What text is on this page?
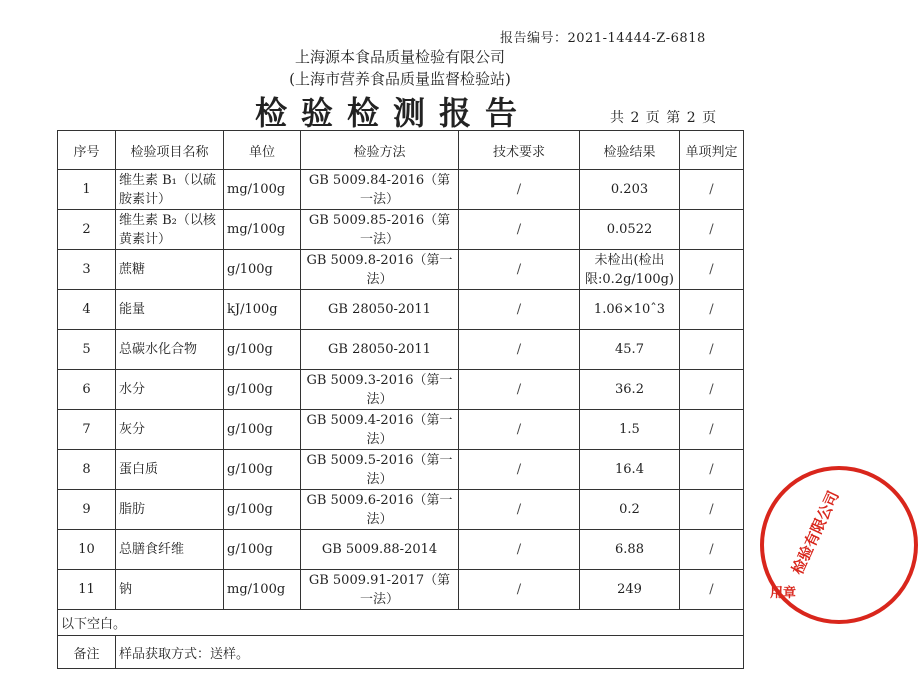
报告编号：2021-14444-Z-6818
上海源本食品质量检验有限公司
(上海市营养食品质量监督检验站)
检验检测报告	共 2 页 第 2 页
序号	检验项目名称	单位	检验方法	技术要求	检验结果	单项判定
1	维生素 B₁（以硫胺素计）	mg/100g	GB 5009.84-2016（第一法）	/	0.203	/
2	维生素 B₂（以核黄素计）	mg/100g	GB 5009.85-2016（第一法）	/	0.0522	/
3	蔗糖	g/100g	GB 5009.8-2016（第一法）	/	未检出(检出限:0.2g/100g)	/
4	能量	kJ/100g	GB 28050-2011	/	1.06×10ˆ3	/
5	总碳水化合物	g/100g	GB 28050-2011	/	45.7	/
6	水分	g/100g	GB 5009.3-2016（第一法）	/	36.2	/
7	灰分	g/100g	GB 5009.4-2016（第一法）	/	1.5	/
8	蛋白质	g/100g	GB 5009.5-2016（第一法）	/	16.4	/
9	脂肪	g/100g	GB 5009.6-2016（第一法）	/	0.2	/
10	总膳食纤维	g/100g	GB 5009.88-2014	/	6.88	/
11	钠	mg/100g	GB 5009.91-2017（第一法）	/	249	/
以下空白。						
备注	样品获取方式：送样。					
检验有限公司
用章
